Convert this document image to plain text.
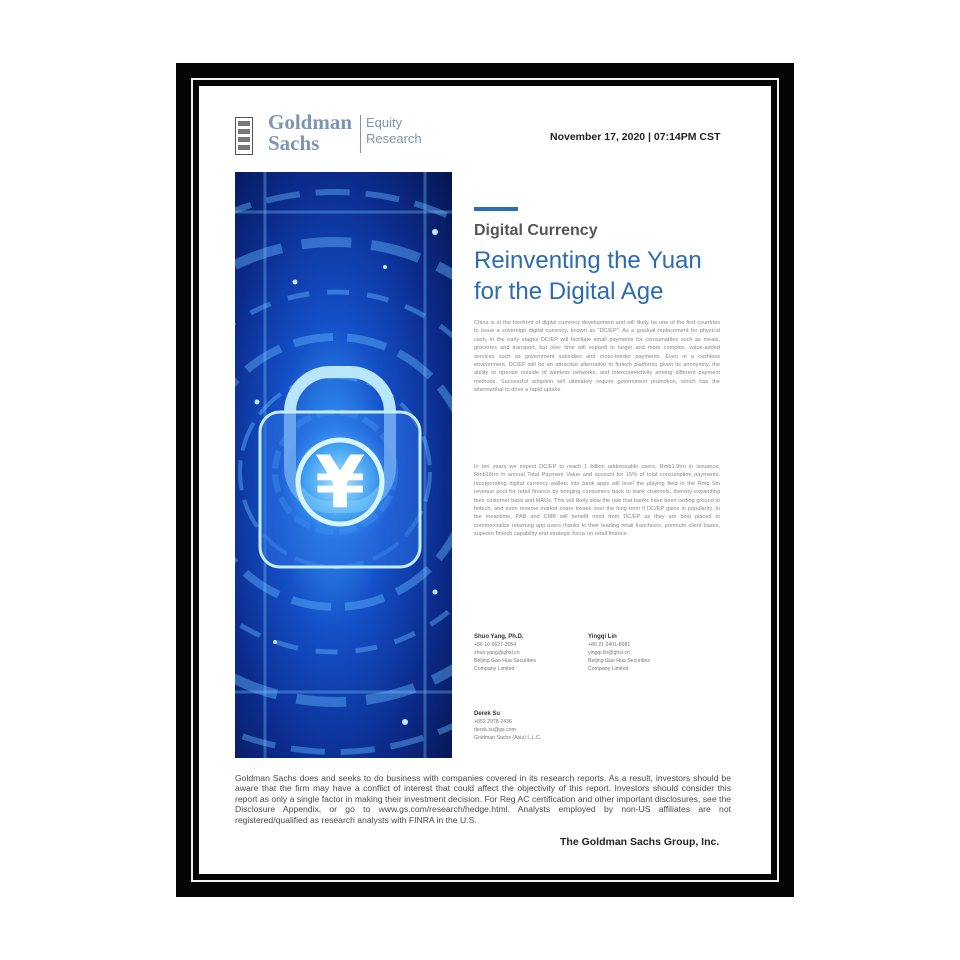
Goldman
Sachs
Equity
Research	November 17, 2020 | 07:14PM CST
¥
Digital Currency
Reinventing the Yuan for the Digital Age
China is at the forefront of digital currency development and will likely be one of the first countries to issue a sovereign digital currency, known as "DC/EP". As a gradual replacement for physical cash, in the early stages DC/EP will facilitate small payments for consumables such as meals, groceries and transport, but over time will expand to larger and more complex, value-added services such as government subsidies and cross-border payments. Even in a cashless environment, DC/EP will be an attractive alternative to fintech platforms given its anonymity, the ability to operate outside of wireless networks, and interconnectivity among different payment methods. Successful adoption will ultimately require government promotion, which has the wherewithal to drive a rapid uptake.
In ten years we expect DC/EP to reach 1 billion addressable users, Rmb1.9trn in issuance, Rmb16trn in annual Total Payment Value and account for 15% of total consumption payments. Incorporating digital currency wallets into bank apps will level the playing field in the Rmb 5tn revenue pool for retail finance by bringing consumers back to bank channels, thereby expanding their customer base and MAUs. This will likely slow the rate that banks have been ceding ground to fintech, and even reverse market share losses over the long term if DC/EP gains in popularity. In the meantime, PAB and CMB will benefit most from DC/EP as they are best placed to commercialize returning app users thanks to their leading retail franchises, premium client bases, superior fintech capability and strategic focus on retail finance.
Shuo Yang, Ph.D.
+86 10 6627-3054
shuo.yang@ghsl.cn
Beijing Gao Hua Securities
Company Limited
Yingqi Lin
+86 21 2401-8981
yingqi.lin@ghsl.cn
Beijing Gao Hua Securities
Company Limited
Derek Su
+852 2978-2436
derek.su@gs.com
Goldman Sachs (Asia) L.L.C.
Goldman Sachs does and seeks to do business with companies covered in its research reports. As a result, investors should be aware that the firm may have a conflict of interest that could affect the objectivity of this report. Investors should consider this report as only a single factor in making their investment decision. For Reg AC certification and other important disclosures, see the Disclosure Appendix, or go to www.gs.com/research/hedge.html. Analysts employed by non-US affiliates are not registered/qualified as research analysts with FINRA in the U.S.
The Goldman Sachs Group, Inc.
